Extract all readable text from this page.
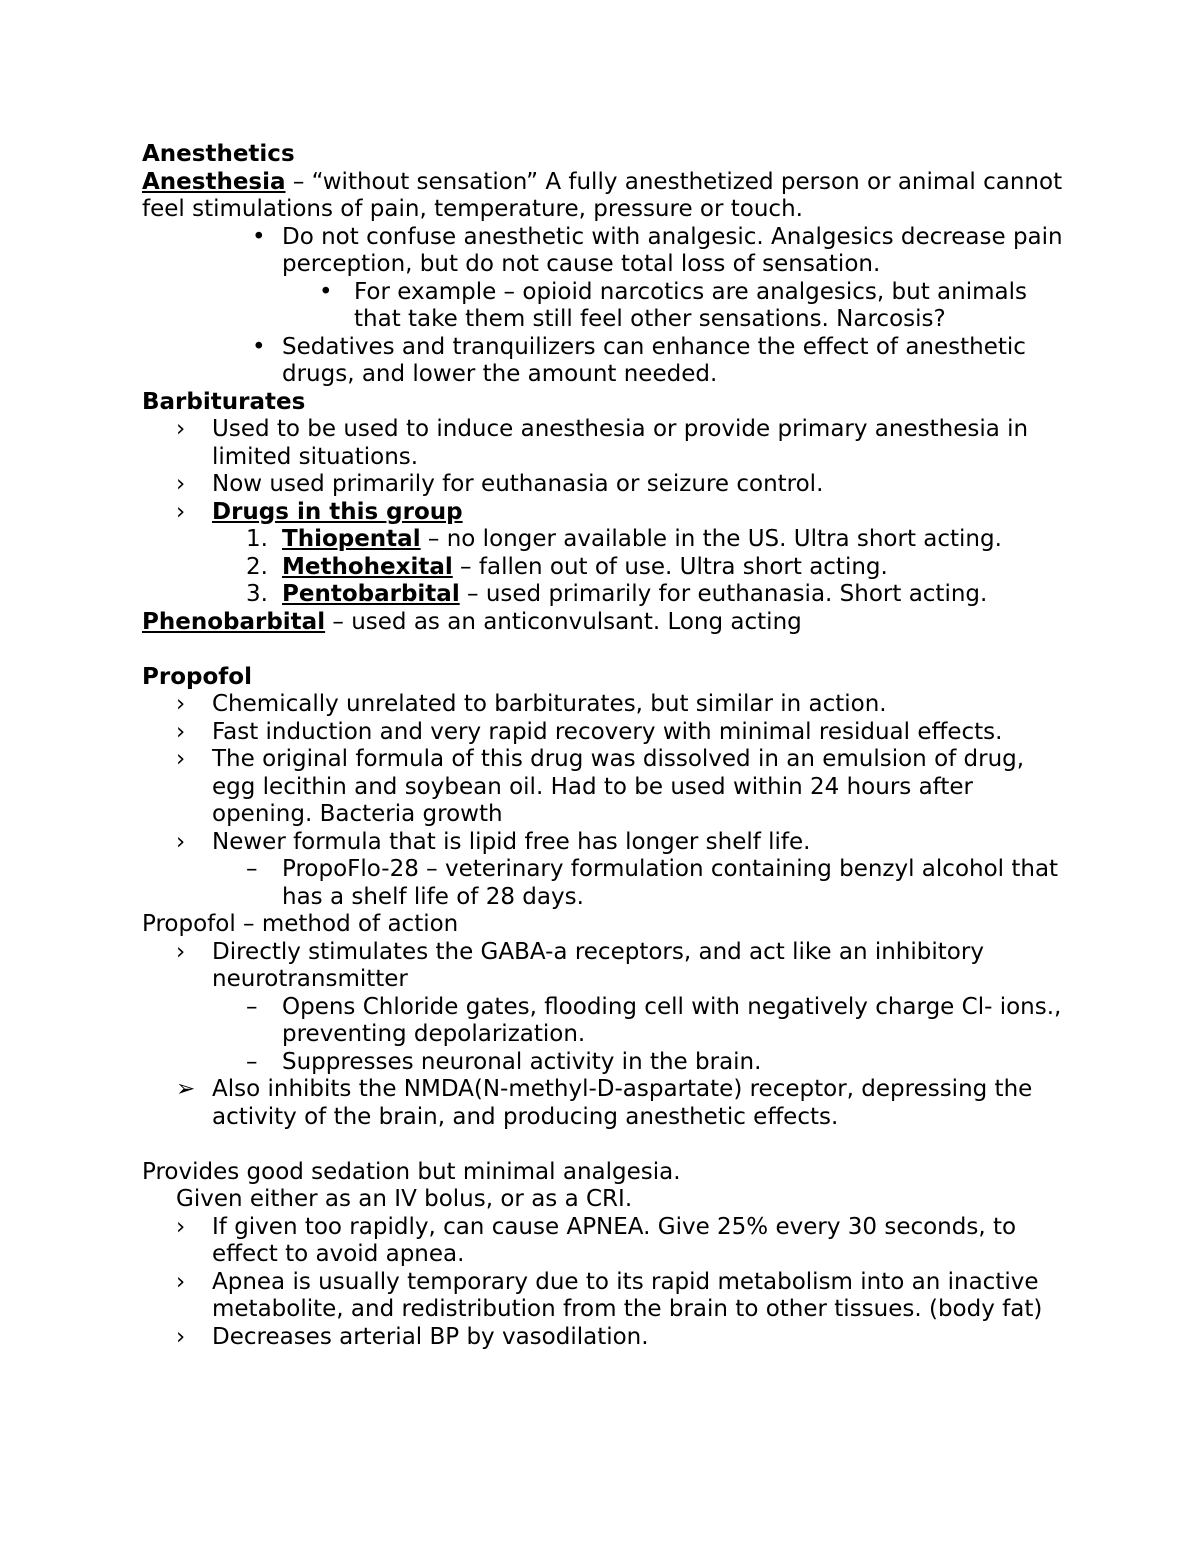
Anesthetics
Anesthesia – “without sensation” A fully anesthetized person or animal cannot feel stimulations of pain, temperature, pressure or touch.
• Do not confuse anesthetic with analgesic. Analgesics decrease pain perception, but do not cause total loss of sensation.
• For example – opioid narcotics are analgesics, but animals that take them still feel other sensations. Narcosis?
• Sedatives and tranquilizers can enhance the effect of anesthetic drugs, and lower the amount needed.
Barbiturates
›	Used to be used to induce anesthesia or provide primary anesthesia in limited situations.
›	Now used primarily for euthanasia or seizure control.
›	Drugs in this group
1. Thiopental – no longer available in the US. Ultra short acting.
2. Methohexital – fallen out of use. Ultra short acting.
3. Pentobarbital – used primarily for euthanasia. Short acting.
Phenobarbital – used as an anticonvulsant. Long acting
Propofol
›	Chemically unrelated to barbiturates, but similar in action.
›	Fast induction and very rapid recovery with minimal residual effects.
›	The original formula of this drug was dissolved in an emulsion of drug, egg lecithin and soybean oil. Had to be used within 24 hours after opening. Bacteria growth
›	Newer formula that is lipid free has longer shelf life.
–	PropoFlo-28 – veterinary formulation containing benzyl alcohol that has a shelf life of 28 days.
Propofol – method of action
›	Directly stimulates the GABA-a receptors, and act like an inhibitory neurotransmitter
–	Opens Chloride gates, flooding cell with negatively charge Cl- ions., preventing depolarization.
–	Suppresses neuronal activity in the brain.
➢ Also inhibits the NMDA(N-methyl-D-aspartate) receptor, depressing the activity of the brain, and producing anesthetic effects.
Provides good sedation but minimal analgesia.
Given either as an IV bolus, or as a CRI.
›	If given too rapidly, can cause APNEA. Give 25% every 30 seconds, to effect to avoid apnea.
›	Apnea is usually temporary due to its rapid metabolism into an inactive metabolite, and redistribution from the brain to other tissues. (body fat)
›	Decreases arterial BP by vasodilation.
